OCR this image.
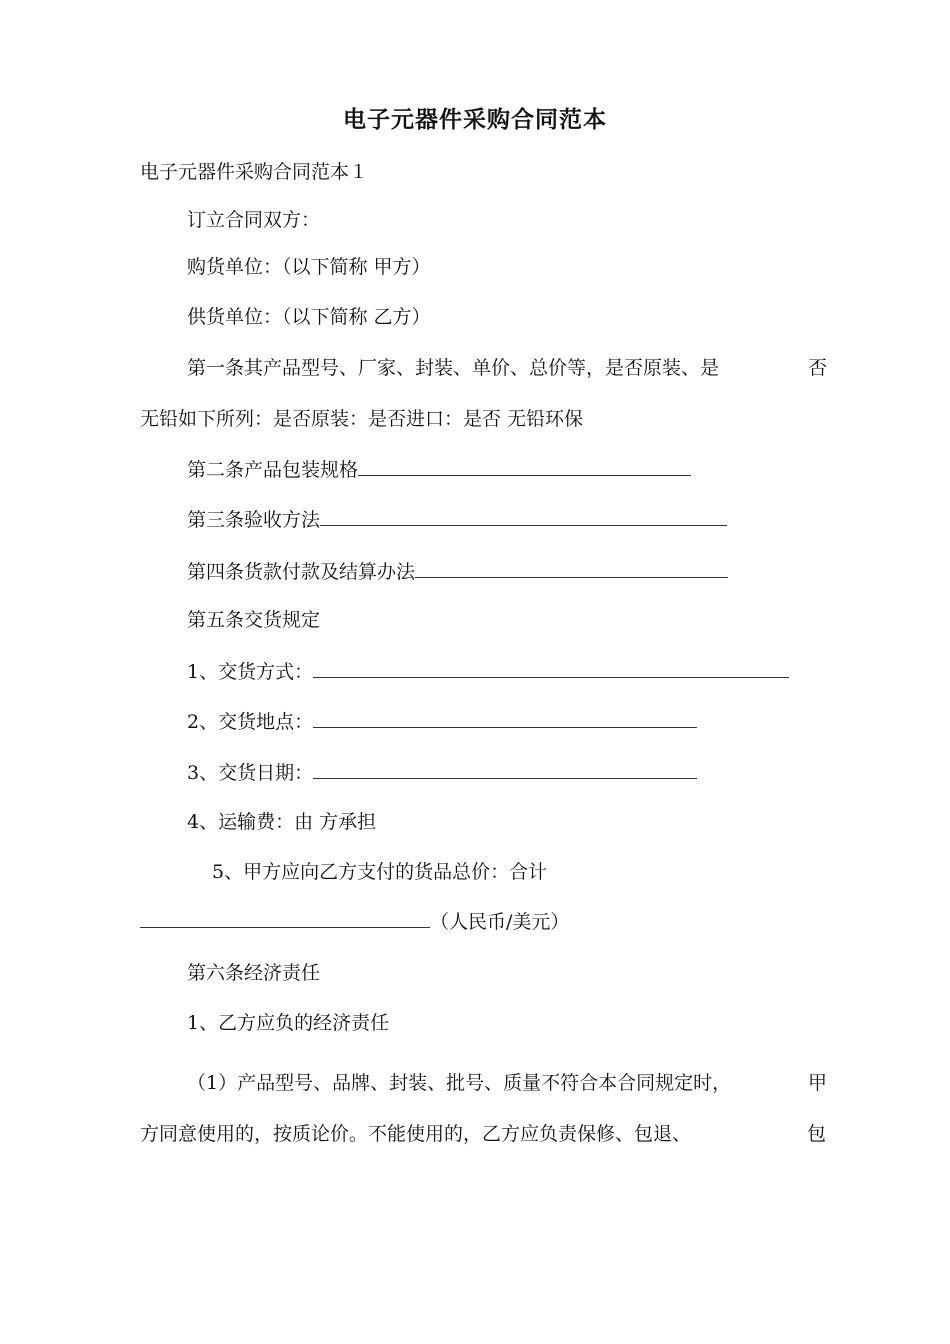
电子元器件采购合同范本
电子元器件采购合同范本１
订立合同双方：
购货单位：（以下简称 甲方）
供货单位：（以下简称 乙方）
第一条其产品型号、厂家、封装、单价、总价等，是否原装、是	否
无铅如下所列：是否原装：是否进口：是否 无铅环保
第二条产品包装规格
第三条验收方法
第四条货款付款及结算办法
第五条交货规定
1、交货方式：
2、交货地点：
3、交货日期：
4、运输费：由 方承担
5、甲方应向乙方支付的货品总价：合计
（人民币/美元）
第六条经济责任
1、乙方应负的经济责任
（1）产品型号、品牌、封装、批号、质量不符合本合同规定时，	甲
方同意使用的，按质论价。不能使用的，乙方应负责保修、包退、	包
